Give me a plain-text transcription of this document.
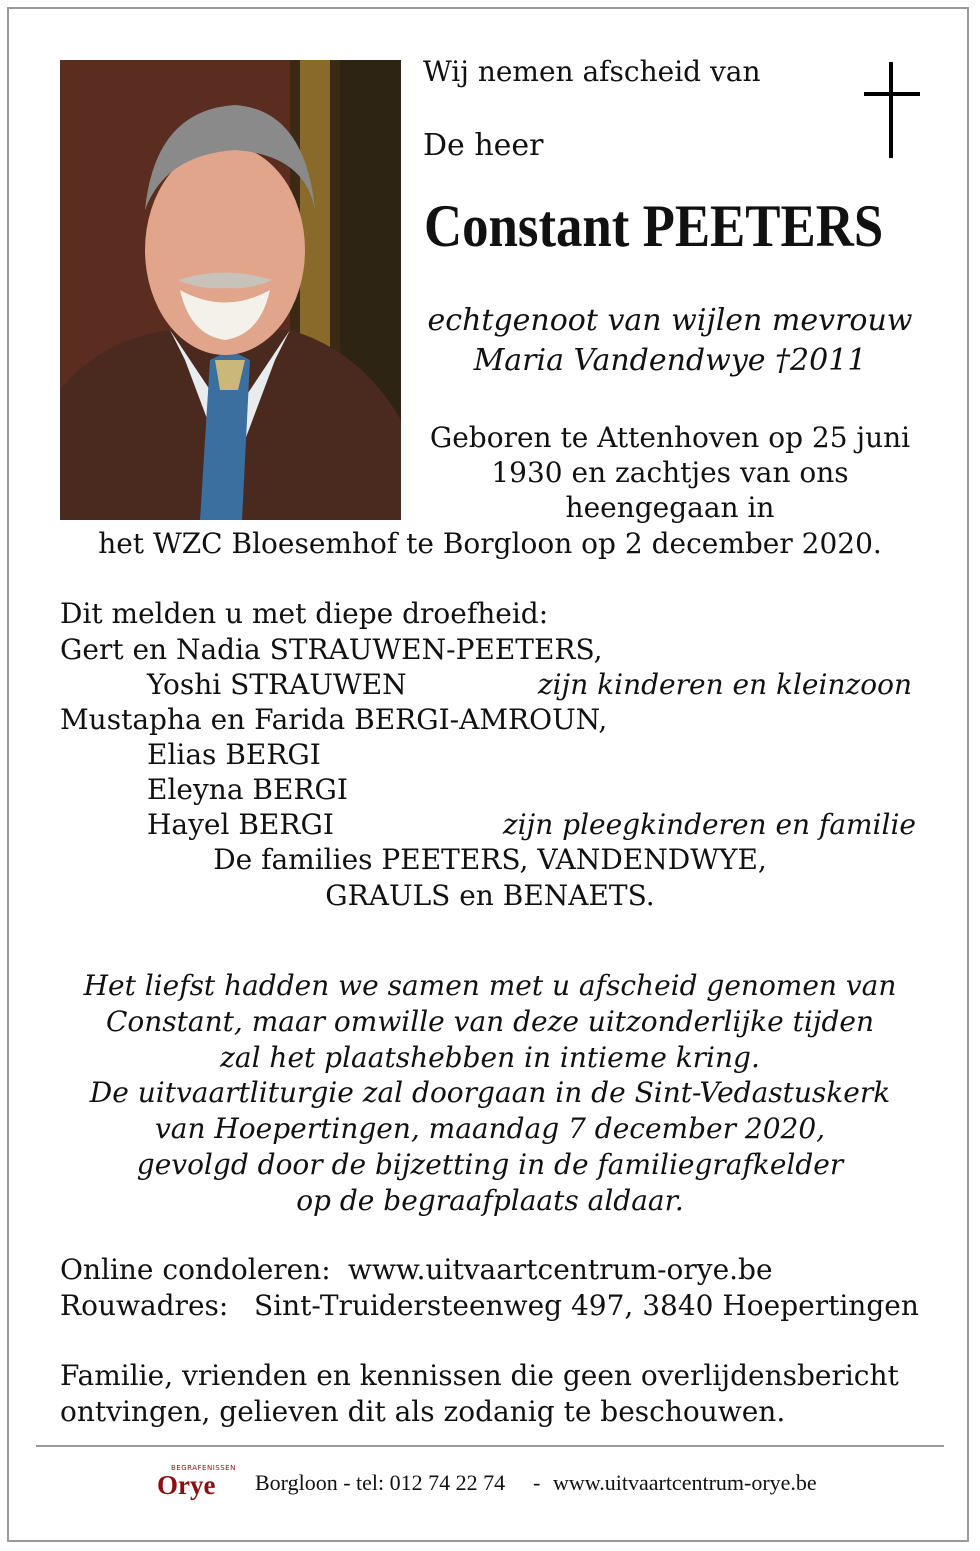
Wij nemen afscheid van

De heer

Constant PEETERS

echtgenoot van wijlen mevrouw

Maria Vandendwye †2011

Geboren te Attenhoven op 25 juni

1930 en zachtjes van ons

heengegaan in

het WZC Bloesemhof te Borgloon op 2 december 2020.

Dit melden u met diepe droefheid:

Gert en Nadia STRAUWEN-PEETERS,

Yoshi STRAUWEN	zijn kinderen en kleinzoon

Mustapha en Farida BERGI-AMROUN,

Elias BERGI

Eleyna BERGI

Hayel BERGI	zijn pleegkinderen en familie

De families PEETERS, VANDENDWYE,

GRAULS en BENAETS.

Het liefst hadden we samen met u afscheid genomen van

Constant, maar omwille van deze uitzonderlijke tijden

zal het plaatshebben in intieme kring.

De uitvaartliturgie zal doorgaan in de Sint-Vedastuskerk

van Hoepertingen, maandag 7 december 2020,

gevolgd door de bijzetting in de familiegrafkelder

op de begraafplaats aldaar.

Online condoleren: www.uitvaartcentrum-orye.be

Rouwadres: Sint-Truidersteenweg 497, 3840 Hoepertingen

Familie, vrienden en kennissen die geen overlijdensbericht

ontvingen, gelieven dit als zodanig te beschouwen.

BEGRAFENISSEN
Orye Borgloon - tel: 012 74 22 74 - www.uitvaartcentrum-orye.be
